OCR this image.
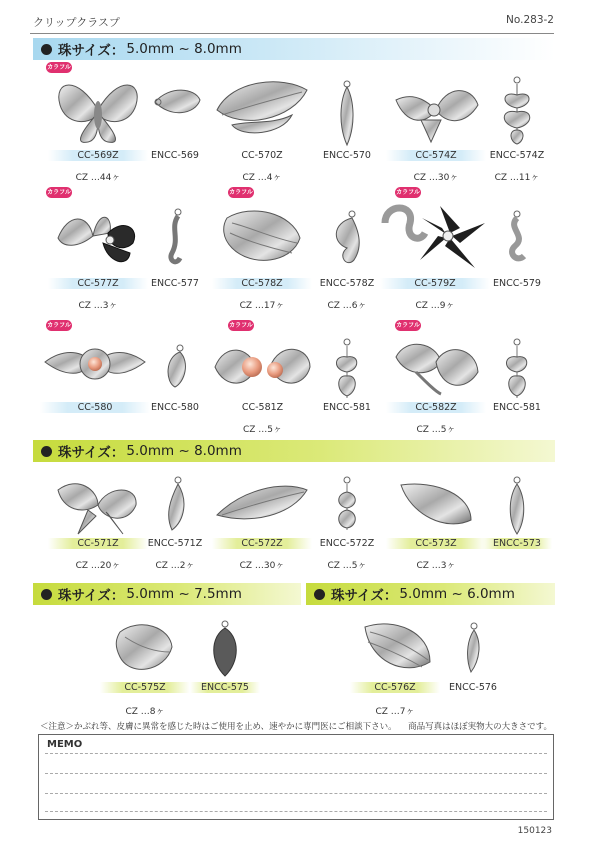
クリップクラスプ	No.283-2
珠サイズ： 5.0mm ~ 8.0mm
珠サイズ： 5.0mm ~ 8.0mm
珠サイズ： 5.0mm ~ 7.5mm	珠サイズ： 5.0mm ~ 6.0mm
カラフル
カラフル	カラフル	カラフル
カラフル	カラフル	カラフル
CC-569Z
CZ …44ヶ
ENCC-569	CC-570Z
CZ …4ヶ
ENCC-570	CC-574Z
CZ …30ヶ
ENCC-574Z
CZ …11ヶ
CC-577Z
CZ …3ヶ
ENCC-577	CC-578Z
CZ …17ヶ
ENCC-578Z
CZ …6ヶ
CC-579Z
CZ …9ヶ
ENCC-579
CC-580	ENCC-580	CC-581Z
CZ …5ヶ
ENCC-581	CC-582Z
CZ …5ヶ
ENCC-581
CC-571Z
CZ …20ヶ
ENCC-571Z
CZ …2ヶ
CC-572Z
CZ …30ヶ
ENCC-572Z
CZ …5ヶ
CC-573Z
CZ …3ヶ
ENCC-573
CC-575Z
CZ …8ヶ
ENCC-575	CC-576Z
CZ …7ヶ
ENCC-576
＜注意＞かぶれ等、皮膚に異常を感じた時はご使用を止め、速やかに専門医にご相談下さい。 商品写真はほぼ実物大の大きさです。
MEMO
150123
